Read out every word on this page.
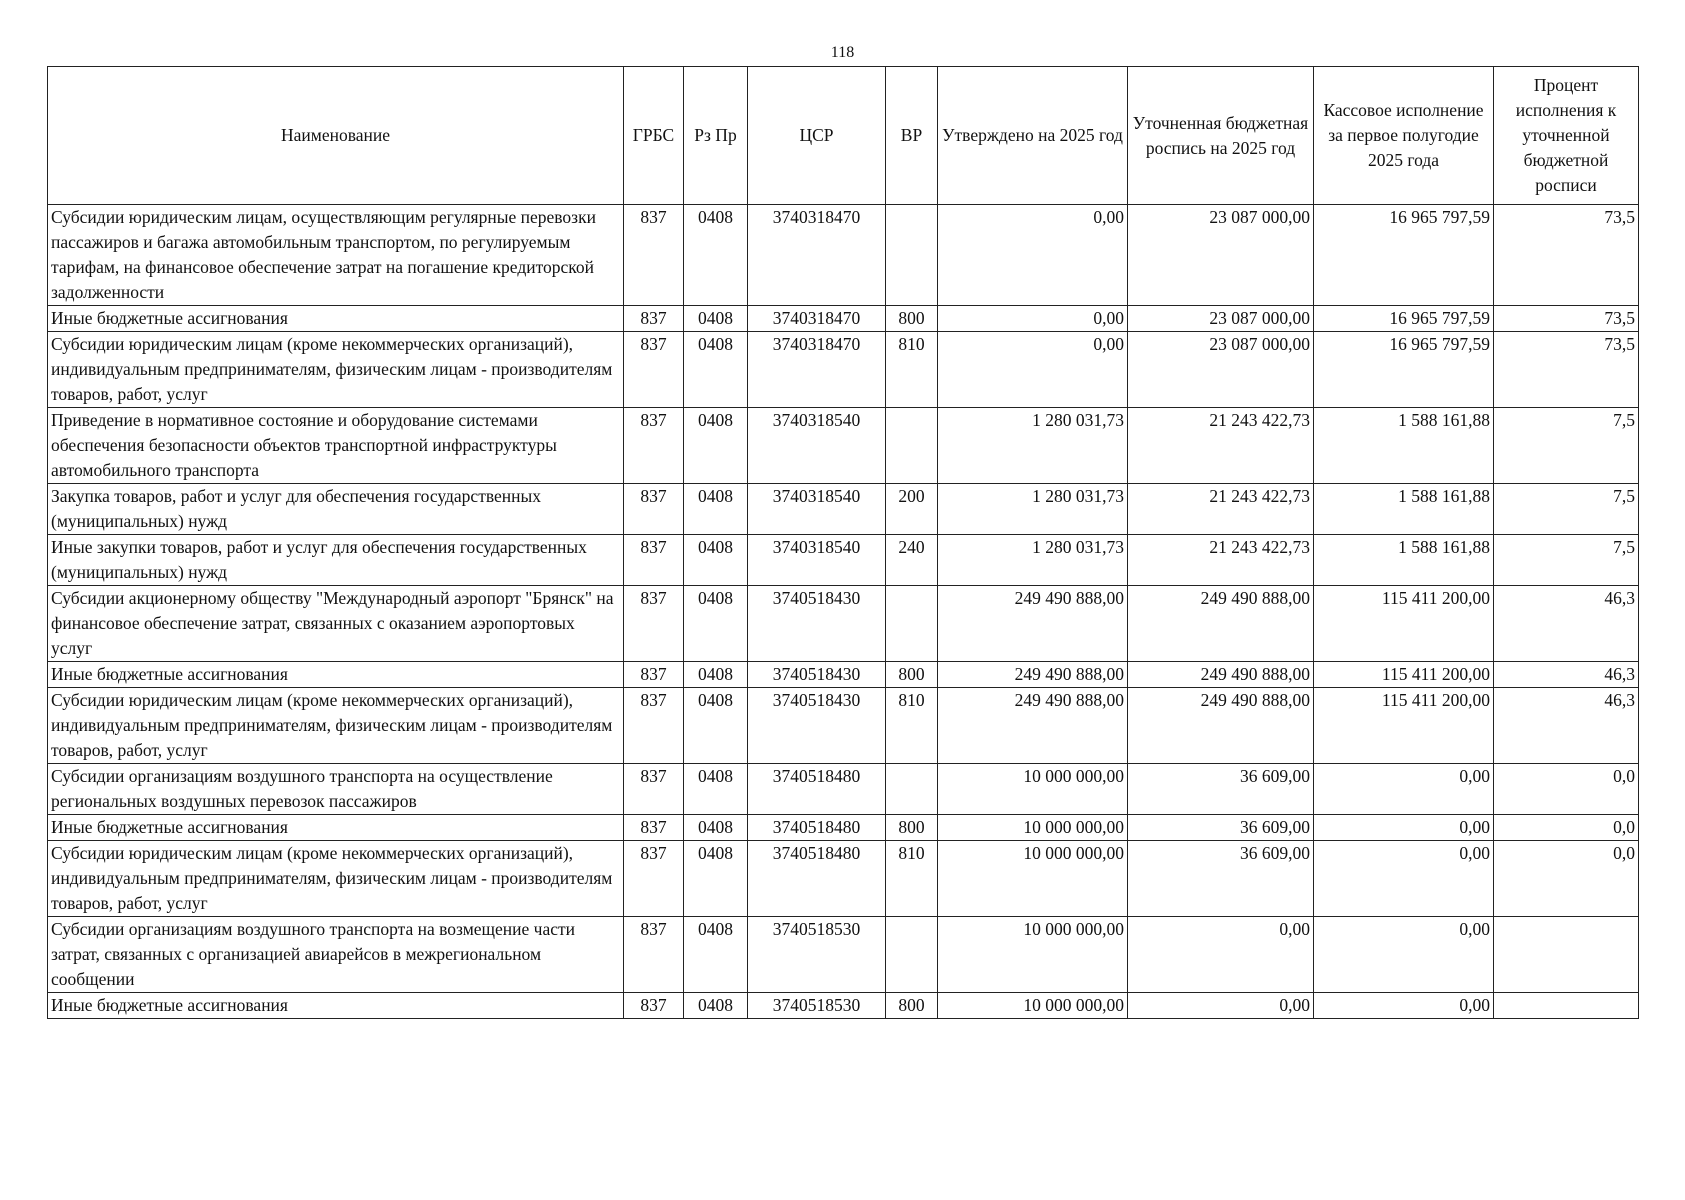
118
Наименование	ГРБС	Рз Пр	ЦСР	ВР	Утверждено на 2025 год	Уточненная бюджетная роспись на 2025 год	Кассовое исполнение за первое полугодие 2025 года	Процент исполнения к уточненной бюджетной росписи
Субсидии юридическим лицам, осуществляющим регулярные перевозки пассажиров и багажа автомобильным транспортом, по регулируемым тарифам, на финансовое обеспечение затрат на погашение кредиторской задолженности	837	0408	3740318470		0,00	23 087 000,00	16 965 797,59	73,5
Иные бюджетные ассигнования	837	0408	3740318470	800	0,00	23 087 000,00	16 965 797,59	73,5
Субсидии юридическим лицам (кроме некоммерческих организаций), индивидуальным предпринимателям, физическим лицам - производителям товаров, работ, услуг	837	0408	3740318470	810	0,00	23 087 000,00	16 965 797,59	73,5
Приведение в нормативное состояние и оборудование системами обеспечения безопасности объектов транспортной инфраструктуры автомобильного транспорта	837	0408	3740318540		1 280 031,73	21 243 422,73	1 588 161,88	7,5
Закупка товаров, работ и услуг для обеспечения государственных (муниципальных) нужд	837	0408	3740318540	200	1 280 031,73	21 243 422,73	1 588 161,88	7,5
Иные закупки товаров, работ и услуг для обеспечения государственных (муниципальных) нужд	837	0408	3740318540	240	1 280 031,73	21 243 422,73	1 588 161,88	7,5
Субсидии акционерному обществу "Международный аэропорт "Брянск" на финансовое обеспечение затрат, связанных с оказанием аэропортовых услуг	837	0408	3740518430		249 490 888,00	249 490 888,00	115 411 200,00	46,3
Иные бюджетные ассигнования	837	0408	3740518430	800	249 490 888,00	249 490 888,00	115 411 200,00	46,3
Субсидии юридическим лицам (кроме некоммерческих организаций), индивидуальным предпринимателям, физическим лицам - производителям товаров, работ, услуг	837	0408	3740518430	810	249 490 888,00	249 490 888,00	115 411 200,00	46,3
Субсидии организациям воздушного транспорта на осуществление региональных воздушных перевозок пассажиров	837	0408	3740518480		10 000 000,00	36 609,00	0,00	0,0
Иные бюджетные ассигнования	837	0408	3740518480	800	10 000 000,00	36 609,00	0,00	0,0
Субсидии юридическим лицам (кроме некоммерческих организаций), индивидуальным предпринимателям, физическим лицам - производителям товаров, работ, услуг	837	0408	3740518480	810	10 000 000,00	36 609,00	0,00	0,0
Субсидии организациям воздушного транспорта на возмещение части затрат, связанных с организацией авиарейсов в межрегиональном сообщении	837	0408	3740518530		10 000 000,00	0,00	0,00	
Иные бюджетные ассигнования	837	0408	3740518530	800	10 000 000,00	0,00	0,00	
